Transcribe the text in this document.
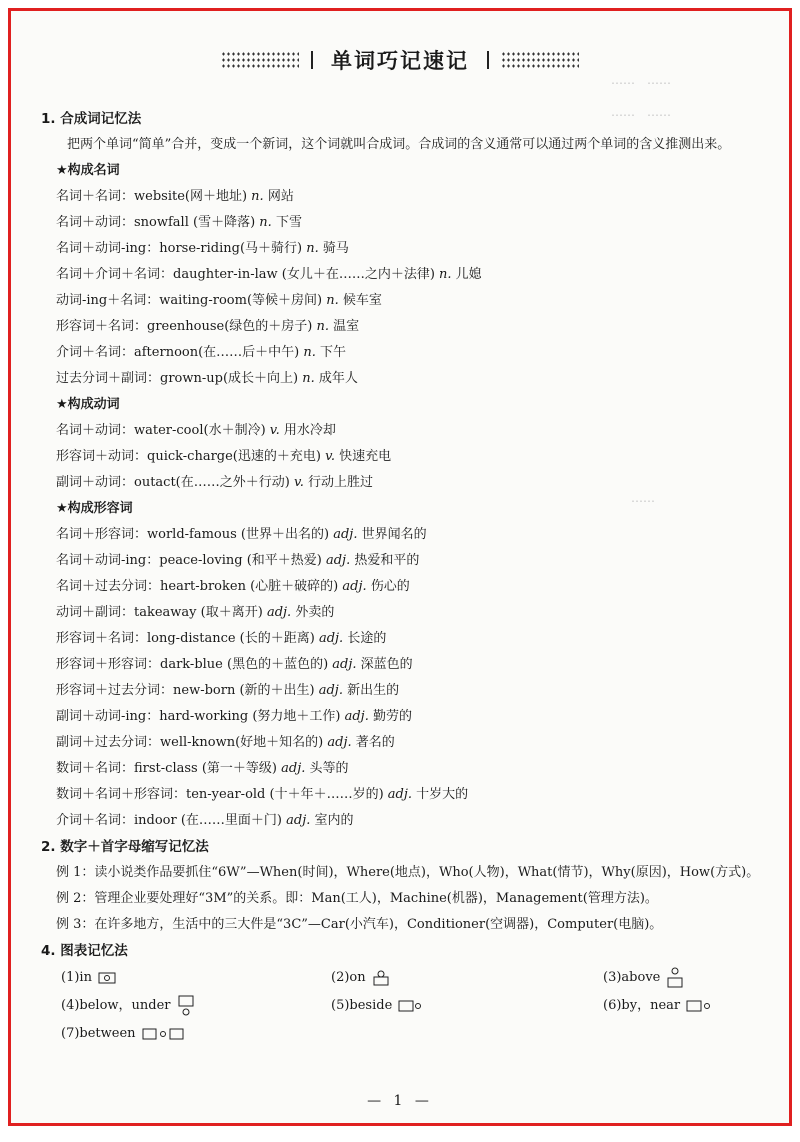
……　……
……　……
……
单词巧记速记
1. 合成词记忆法
把两个单词“简单”合并，变成一个新词，这个词就叫合成词。合成词的含义通常可以通过两个单词的含义推测出来。
★构成名词
名词＋名词：website(网＋地址) n. 网站
名词＋动词：snowfall (雪＋降落) n. 下雪
名词＋动词-ing：horse-riding(马＋骑行) n. 骑马
名词＋介词＋名词：daughter-in-law (女儿＋在……之内＋法律) n. 儿媳
动词-ing＋名词：waiting-room(等候＋房间) n. 候车室
形容词＋名词：greenhouse(绿色的＋房子) n. 温室
介词＋名词：afternoon(在……后＋中午) n. 下午
过去分词＋副词：grown-up(成长＋向上) n. 成年人
★构成动词
名词＋动词：water-cool(水＋制冷) v. 用水冷却
形容词＋动词：quick-charge(迅速的＋充电) v. 快速充电
副词＋动词：outact(在……之外＋行动) v. 行动上胜过
★构成形容词
名词＋形容词：world-famous (世界＋出名的) adj. 世界闻名的
名词＋动词-ing：peace-loving (和平＋热爱) adj. 热爱和平的
名词＋过去分词：heart-broken (心脏＋破碎的) adj. 伤心的
动词＋副词：takeaway (取＋离开) adj. 外卖的
形容词＋名词：long-distance (长的＋距离) adj. 长途的
形容词＋形容词：dark-blue (黑色的＋蓝色的) adj. 深蓝色的
形容词＋过去分词：new-born (新的＋出生) adj. 新出生的
副词＋动词-ing：hard-working (努力地＋工作) adj. 勤劳的
副词＋过去分词：well-known(好地＋知名的) adj. 著名的
数词＋名词：first-class (第一＋等级) adj. 头等的
数词＋名词＋形容词：ten-year-old (十＋年＋……岁的) adj. 十岁大的
介词＋名词：indoor (在……里面＋门) adj. 室内的
2. 数字＋首字母缩写记忆法
例 1：读小说类作品要抓住“6W”—When(时间)，Where(地点)，Who(人物)，What(情节)，Why(原因)，How(方式)。
例 2：管理企业要处理好“3M”的关系。即：Man(工人)，Machine(机器)，Management(管理方法)。
例 3：在许多地方，生活中的三大件是“3C”—Car(小汽车)，Conditioner(空调器)，Computer(电脑)。
4. 图表记忆法
(1)in	(2)on	(3)above
(4)below，under	(5)beside	(6)by，near
(7)between
— 1 —
